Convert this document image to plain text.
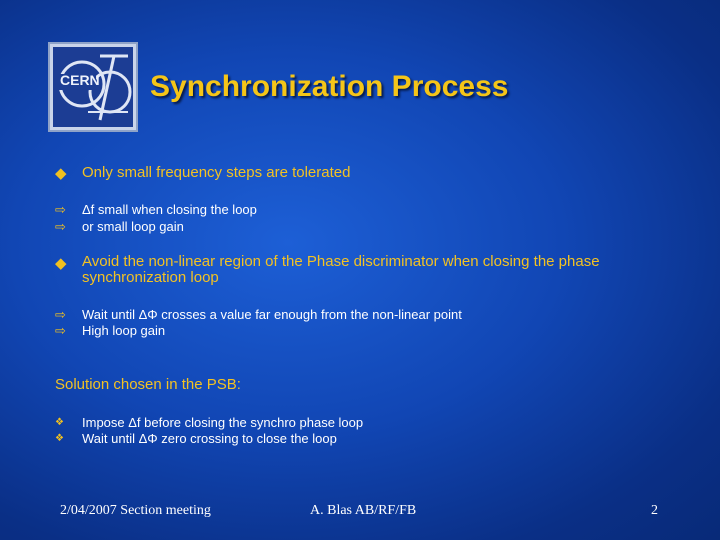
CERN Synchronization Process
◆ Only small frequency steps are tolerated
⇨ Δf small when closing the loop
⇨ or small loop gain
◆ Avoid the non-linear region of the Phase discriminator when closing the phase synchronization loop
⇨ Wait until ΔΦ crosses a value far enough from the non-linear point
⇨ High loop gain
Solution chosen in the PSB:
❖ Impose Δf before closing the synchro phase loop
❖ Wait until ΔΦ zero crossing to close the loop
2/04/2007 Section meeting	A. Blas AB/RF/FB	2
